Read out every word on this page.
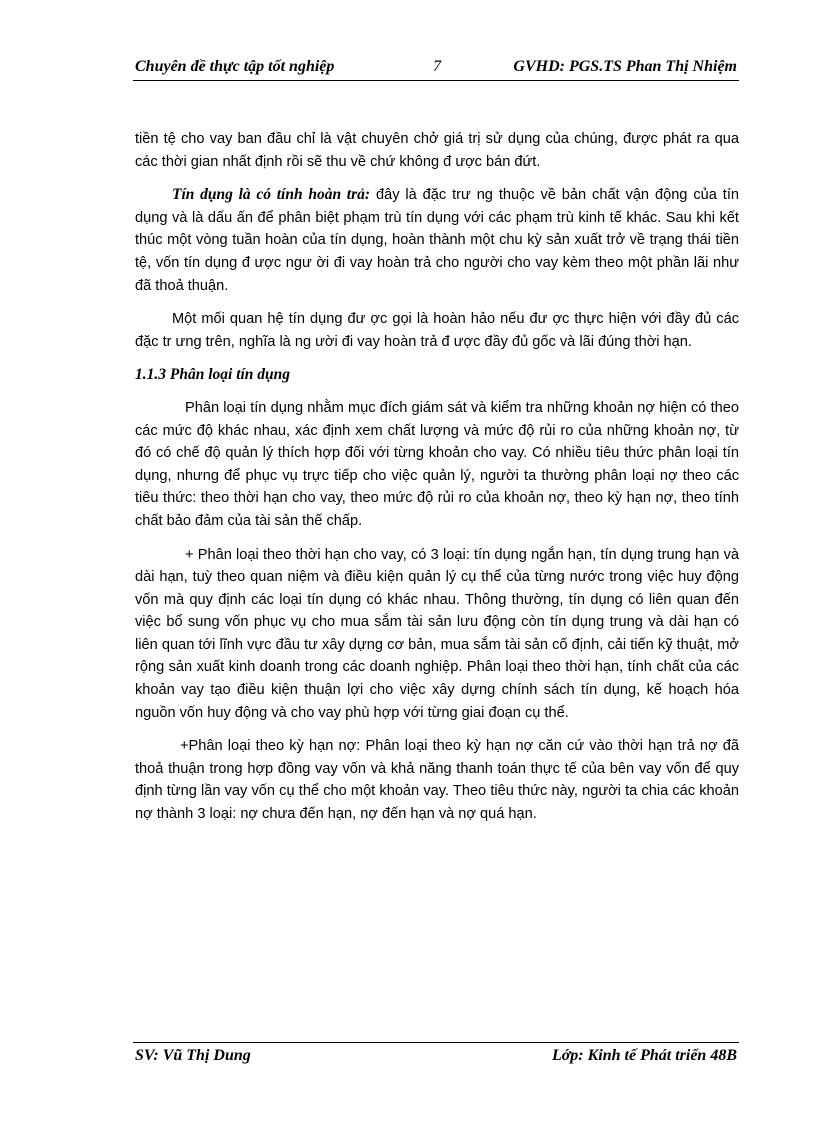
Chuyên đề thực tập tốt nghiệp	7	GVHD: PGS.TS Phan Thị Nhiệm

tiền tệ cho vay ban đầu chỉ là vật chuyên chở giá trị sử dụng của chúng, được phát ra qua các thời gian nhất định rồi sẽ thu về chứ không đ ược bán đứt.

Tín dụng là có tính hoàn trả: đây là đặc trư ng thuộc về bản chất vận động của tín dụng và là dấu ấn để phân biệt phạm trù tín dụng với các phạm trù kinh tế khác. Sau khi kết thúc một vòng tuần hoàn của tín dụng, hoàn thành một chu kỳ sản xuất trở về trạng thái tiền tệ, vốn tín dụng đ ược ngư ời đi vay hoàn trả cho người cho vay kèm theo một phần lãi như đã thoả thuận.

Một mối quan hệ tín dụng đư ợc gọi là hoàn hảo nếu đư ợc thực hiện với đầy đủ các đặc tr ưng trên, nghĩa là ng ười đi vay hoàn trả đ ược đầy đủ gốc và lãi đúng thời hạn.

1.1.3 Phân loại tín dụng

Phân loại tín dụng nhằm mục đích giám sát và kiểm tra những khoản nợ hiện có theo các mức độ khác nhau, xác định xem chất lượng và mức độ rủi ro của những khoản nợ, từ đó có chế độ quản lý thích hợp đối với từng khoản cho vay. Có nhiều tiêu thức phân loại tín dụng, nhưng để phục vụ trực tiếp cho việc quản lý, người ta thường phân loại nợ theo các tiêu thức: theo thời hạn cho vay, theo mức độ rủi ro của khoản nợ, theo kỳ hạn nợ, theo tính chất bảo đảm của tài sản thế chấp.

+ Phân loại theo thời hạn cho vay, có 3 loại: tín dụng ngắn hạn, tín dụng trung hạn và dài hạn, tuỳ theo quan niệm và điều kiện quản lý cụ thể của từng nước trong việc huy động vốn mà quy định các loại tín dụng có khác nhau. Thông thường, tín dụng có liên quan đến việc bổ sung vốn phục vụ cho mua sắm tài sản lưu động còn tín dụng trung và dài hạn có liên quan tới lĩnh vực đầu tư xây dựng cơ bản, mua sắm tài sản cố định, cải tiến kỹ thuật, mở rộng sản xuất kinh doanh trong các doanh nghiệp. Phân loại theo thời hạn, tính chất của các khoản vay tạo điều kiện thuận lợi cho việc xây dựng chính sách tín dụng, kế hoạch hóa nguồn vốn huy động và cho vay phù hợp với từng giai đoạn cụ thể.

+Phân loại theo kỳ hạn nợ: Phân loại theo kỳ hạn nợ căn cứ vào thời hạn trả nợ đã thoả thuận trong hợp đồng vay vốn và khả năng thanh toán thực tế của bên vay vốn để quy định từng lần vay vốn cụ thể cho một khoản vay. Theo tiêu thức này, người ta chia các khoản nợ thành 3 loại: nợ chưa đến hạn, nợ đến hạn và nợ quá hạn.

SV: Vũ Thị Dung	Lớp: Kinh tế Phát triển 48B
